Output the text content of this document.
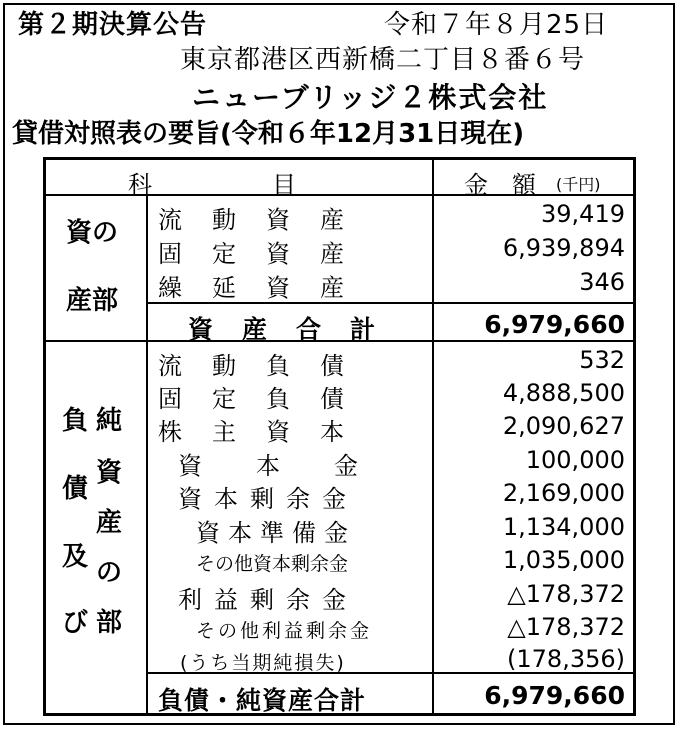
第２期決算公告	令和７年８月25日
東京都港区西新橋二丁目８番６号
ニューブリッジ２株式会社
貸借対照表の要旨(令和６年12月31日現在)
科　　　　　目	金　額 (千円)
資の
産部
流　動　資　産	39,419
固　定　資　産	6,939,894
繰　延　資　産	346
資　産　合　計	6,979,660
負
債
及
び
純
資
産
の
部
流　動　負　債	532
固　定　負　債	4,888,500
株　主　資　本	2,090,627
資　　本　　金	100,000
資本剰余金	2,169,000
資本準備金	1,134,000
その他資本剰余金	1,035,000
利益剰余金	△178,372
その他利益剰余金	△178,372
(うち当期純損失)	(178,356)
負債・純資産合計	6,979,660
